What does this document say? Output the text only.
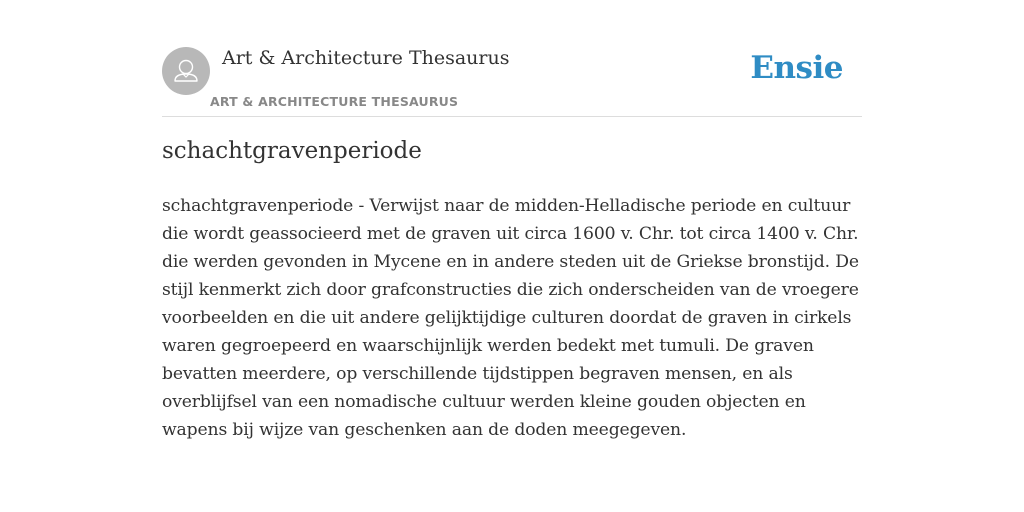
Art & Architecture Thesaurus
ART & ARCHITECTURE THESAURUS
Ensie
schachtgravenperiode

schachtgravenperiode - Verwijst naar de midden-Helladische periode en cultuur die wordt geassocieerd met de graven uit circa 1600 v. Chr. tot circa 1400 v. Chr. die werden gevonden in Mycene en in andere steden uit de Griekse bronstijd. De stijl kenmerkt zich door grafconstructies die zich onderscheiden van de vroegere voorbeelden en die uit andere gelijktijdige culturen doordat de graven in cirkels waren gegroepeerd en waarschijnlijk werden bedekt met tumuli. De graven bevatten meerdere, op verschillende tijdstippen begraven mensen, en als overblijfsel van een nomadische cultuur werden kleine gouden objecten en wapens bij wijze van geschenken aan de doden meegegeven.
